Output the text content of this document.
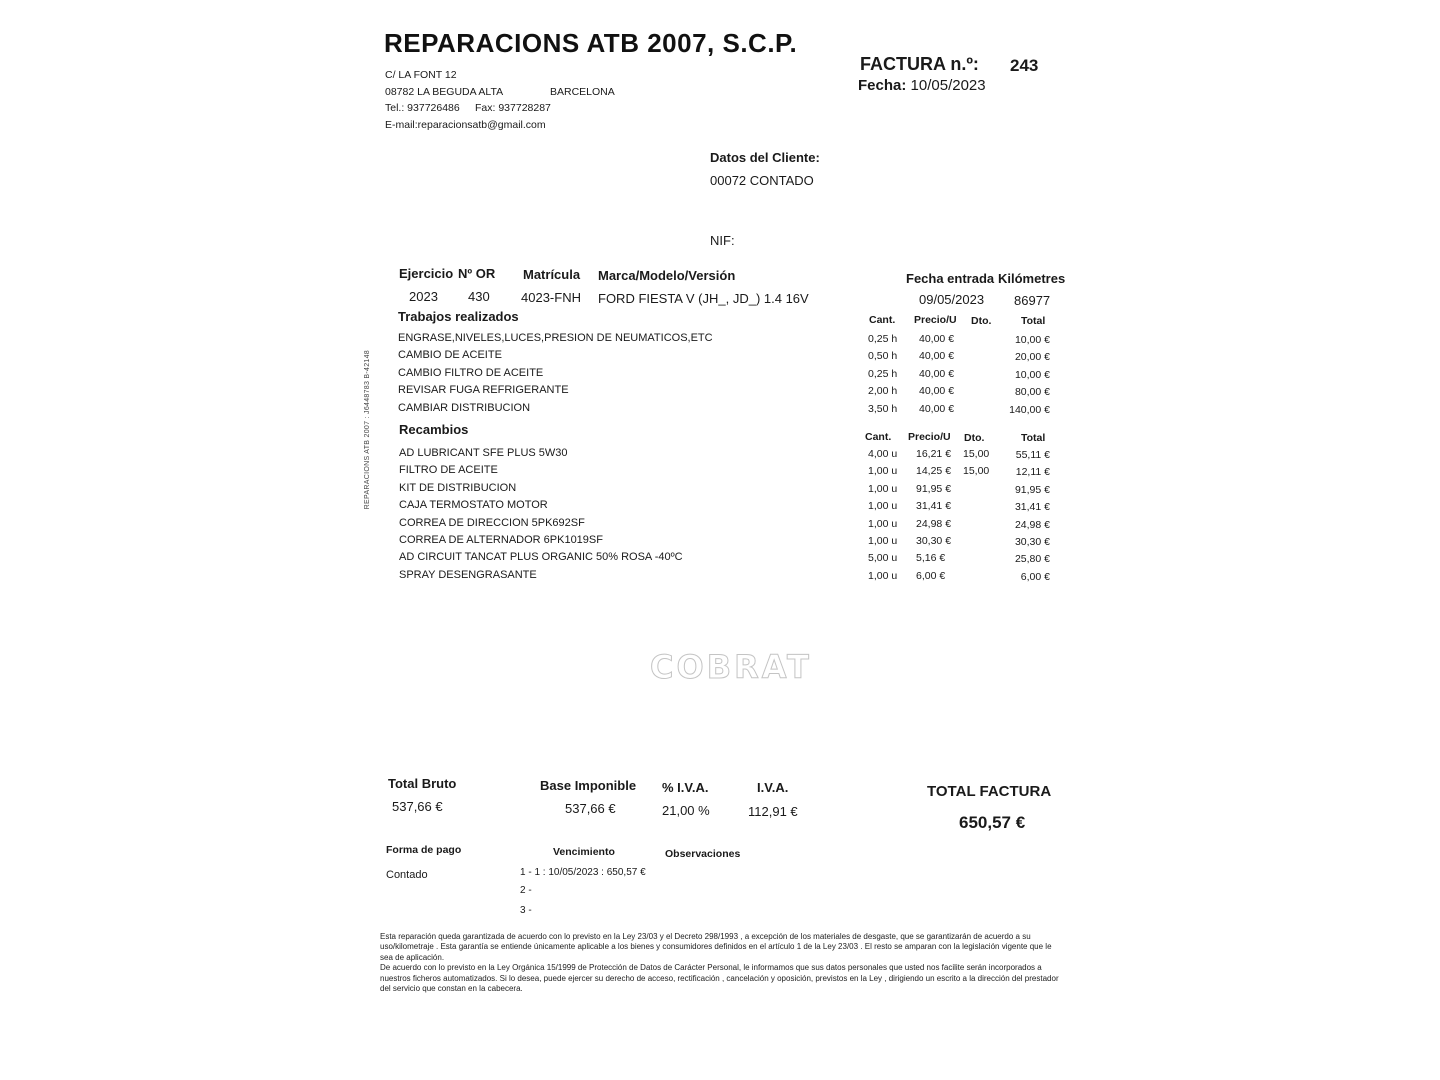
REPARACIONS ATB 2007, S.C.P.
C/ LA FONT 12
08782 LA BEGUDA ALTA	BARCELONA
Tel.: 937726486 Fax: 937728287
E-mail:reparacionsatb@gmail.com
FACTURA n.º: 243
Fecha: 10/05/2023
Datos del Cliente:
00072 CONTADO
NIF:
Ejercicio Nº OR Matrícula Marca/Modelo/Versión	Fecha entrada Kilómetres
2023 430 4023-FNH FORD FIESTA V (JH_, JD_) 1.4 16V	09/05/2023 86977
Trabajos realizados	Cant. Precio/U Dto.	Total
ENGRASE,NIVELES,LUCES,PRESION DE NEUMATICOS,ETC	0,25 h 40,00 €	10,00 €
CAMBIO DE ACEITE	0,50 h 40,00 €	20,00 €
CAMBIO FILTRO DE ACEITE	0,25 h 40,00 €	10,00 €
REVISAR FUGA REFRIGERANTE	2,00 h 40,00 €	80,00 €
CAMBIAR DISTRIBUCION	3,50 h 40,00 €	140,00 €
Recambios	Cant. Precio/U Dto.	Total
AD LUBRICANT SFE PLUS 5W30	4,00 u 16,21 € 15,00	55,11 €
FILTRO DE ACEITE	1,00 u 14,25 € 15,00	12,11 €
KIT DE DISTRIBUCION	1,00 u 91,95 €	91,95 €
CAJA TERMOSTATO MOTOR	1,00 u 31,41 €	31,41 €
CORREA DE DIRECCION 5PK692SF	1,00 u 24,98 €	24,98 €
CORREA DE ALTERNADOR 6PK1019SF	1,00 u 30,30 €	30,30 €
AD CIRCUIT TANCAT PLUS ORGANIC 50% ROSA -40ºC	5,00 u 5,16 €	25,80 €
SPRAY DESENGRASANTE	1,00 u 6,00 €	6,00 €
REPARACIONS ATB 2007 : J6448783 B-42148
COBRAT
Total Bruto
537,66 €
Base Imponible
537,66 €
% I.V.A.
21,00 %
I.V.A.
112,91 €
TOTAL FACTURA
650,57 €
Forma de pago
Contado
Vencimiento	Observaciones
1 - 1 : 10/05/2023 : 650,57 €
2 -
3 -

Esta reparación queda garantizada de acuerdo con lo previsto en la Ley 23/03 y el Decreto 298/1993 , a excepción de los materiales de desgaste, que se garantizarán de acuerdo a su uso/kilometraje . Esta garantía se entiende únicamente aplicable a los bienes y consumidores definidos en el artículo 1 de la Ley 23/03 . El resto se amparan con la legislación vigente que le sea de aplicación.

De acuerdo con lo previsto en la Ley Orgánica 15/1999 de Protección de Datos de Carácter Personal, le informamos que sus datos personales que usted nos facilite serán incorporados a nuestros ficheros automatizados. Si lo desea, puede ejercer su derecho de acceso, rectificación , cancelación y oposición, previstos en la Ley , dirigiendo un escrito a la dirección del prestador del servicio que constan en la cabecera.
